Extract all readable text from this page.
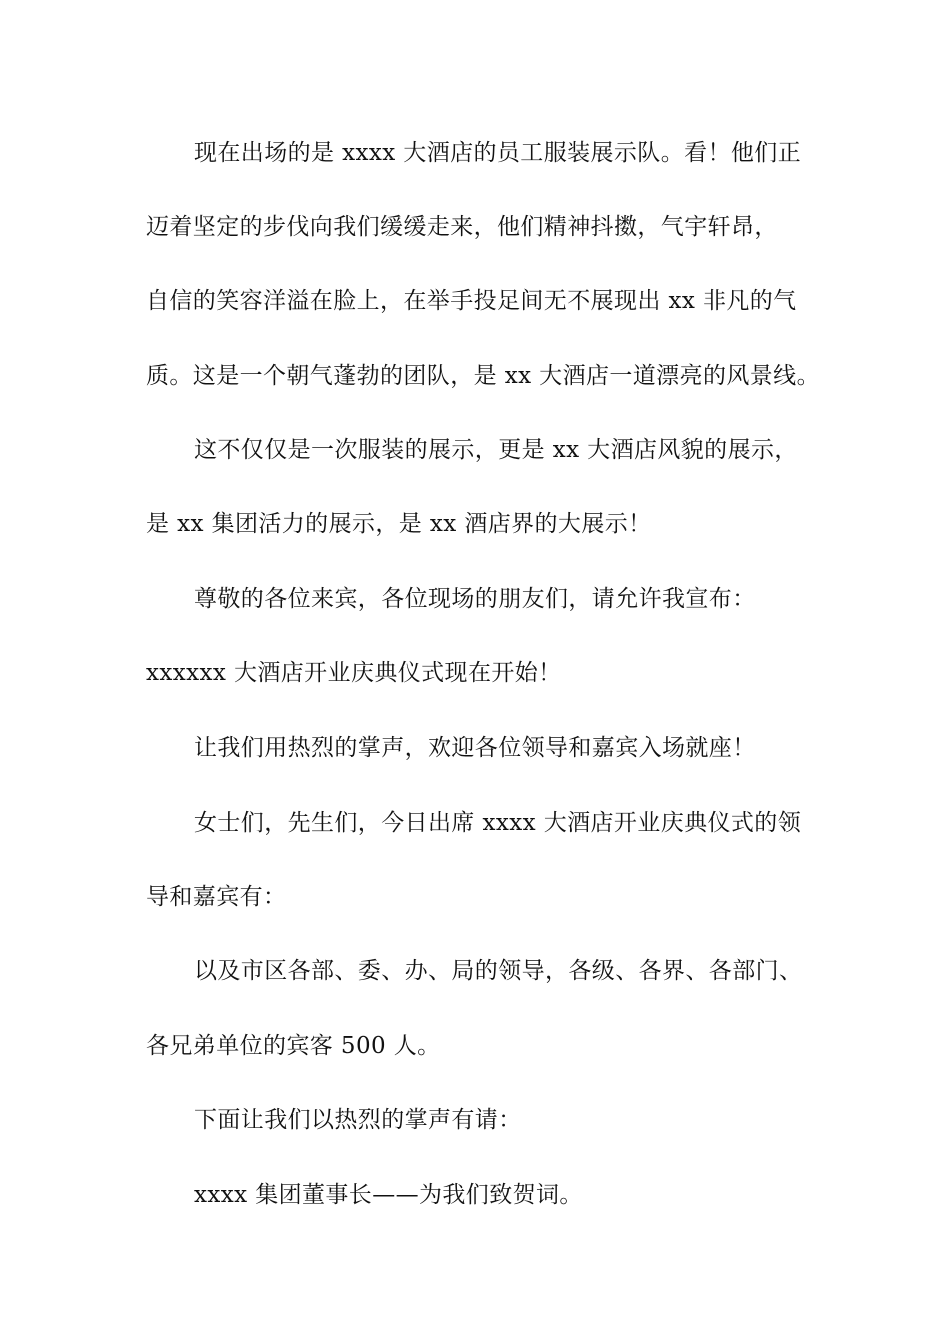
现在出场的是 xxxx 大酒店的员工服装展示队。看！他们正
迈着坚定的步伐向我们缓缓走来，他们精神抖擞，气宇轩昂，
自信的笑容洋溢在脸上，在举手投足间无不展现出 xx 非凡的气
质。这是一个朝气蓬勃的团队，是 xx 大酒店一道漂亮的风景线。
这不仅仅是一次服装的展示，更是 xx 大酒店风貌的展示，
是 xx 集团活力的展示，是 xx 酒店界的大展示！
尊敬的各位来宾，各位现场的朋友们，请允许我宣布：
xxxxxx 大酒店开业庆典仪式现在开始！
让我们用热烈的掌声，欢迎各位领导和嘉宾入场就座！
女士们，先生们，今日出席 xxxx 大酒店开业庆典仪式的领
导和嘉宾有：
以及市区各部、委、办、局的领导，各级、各界、各部门、
各兄弟单位的宾客 500 人。
下面让我们以热烈的掌声有请：
xxxx 集团董事长——为我们致贺词。
